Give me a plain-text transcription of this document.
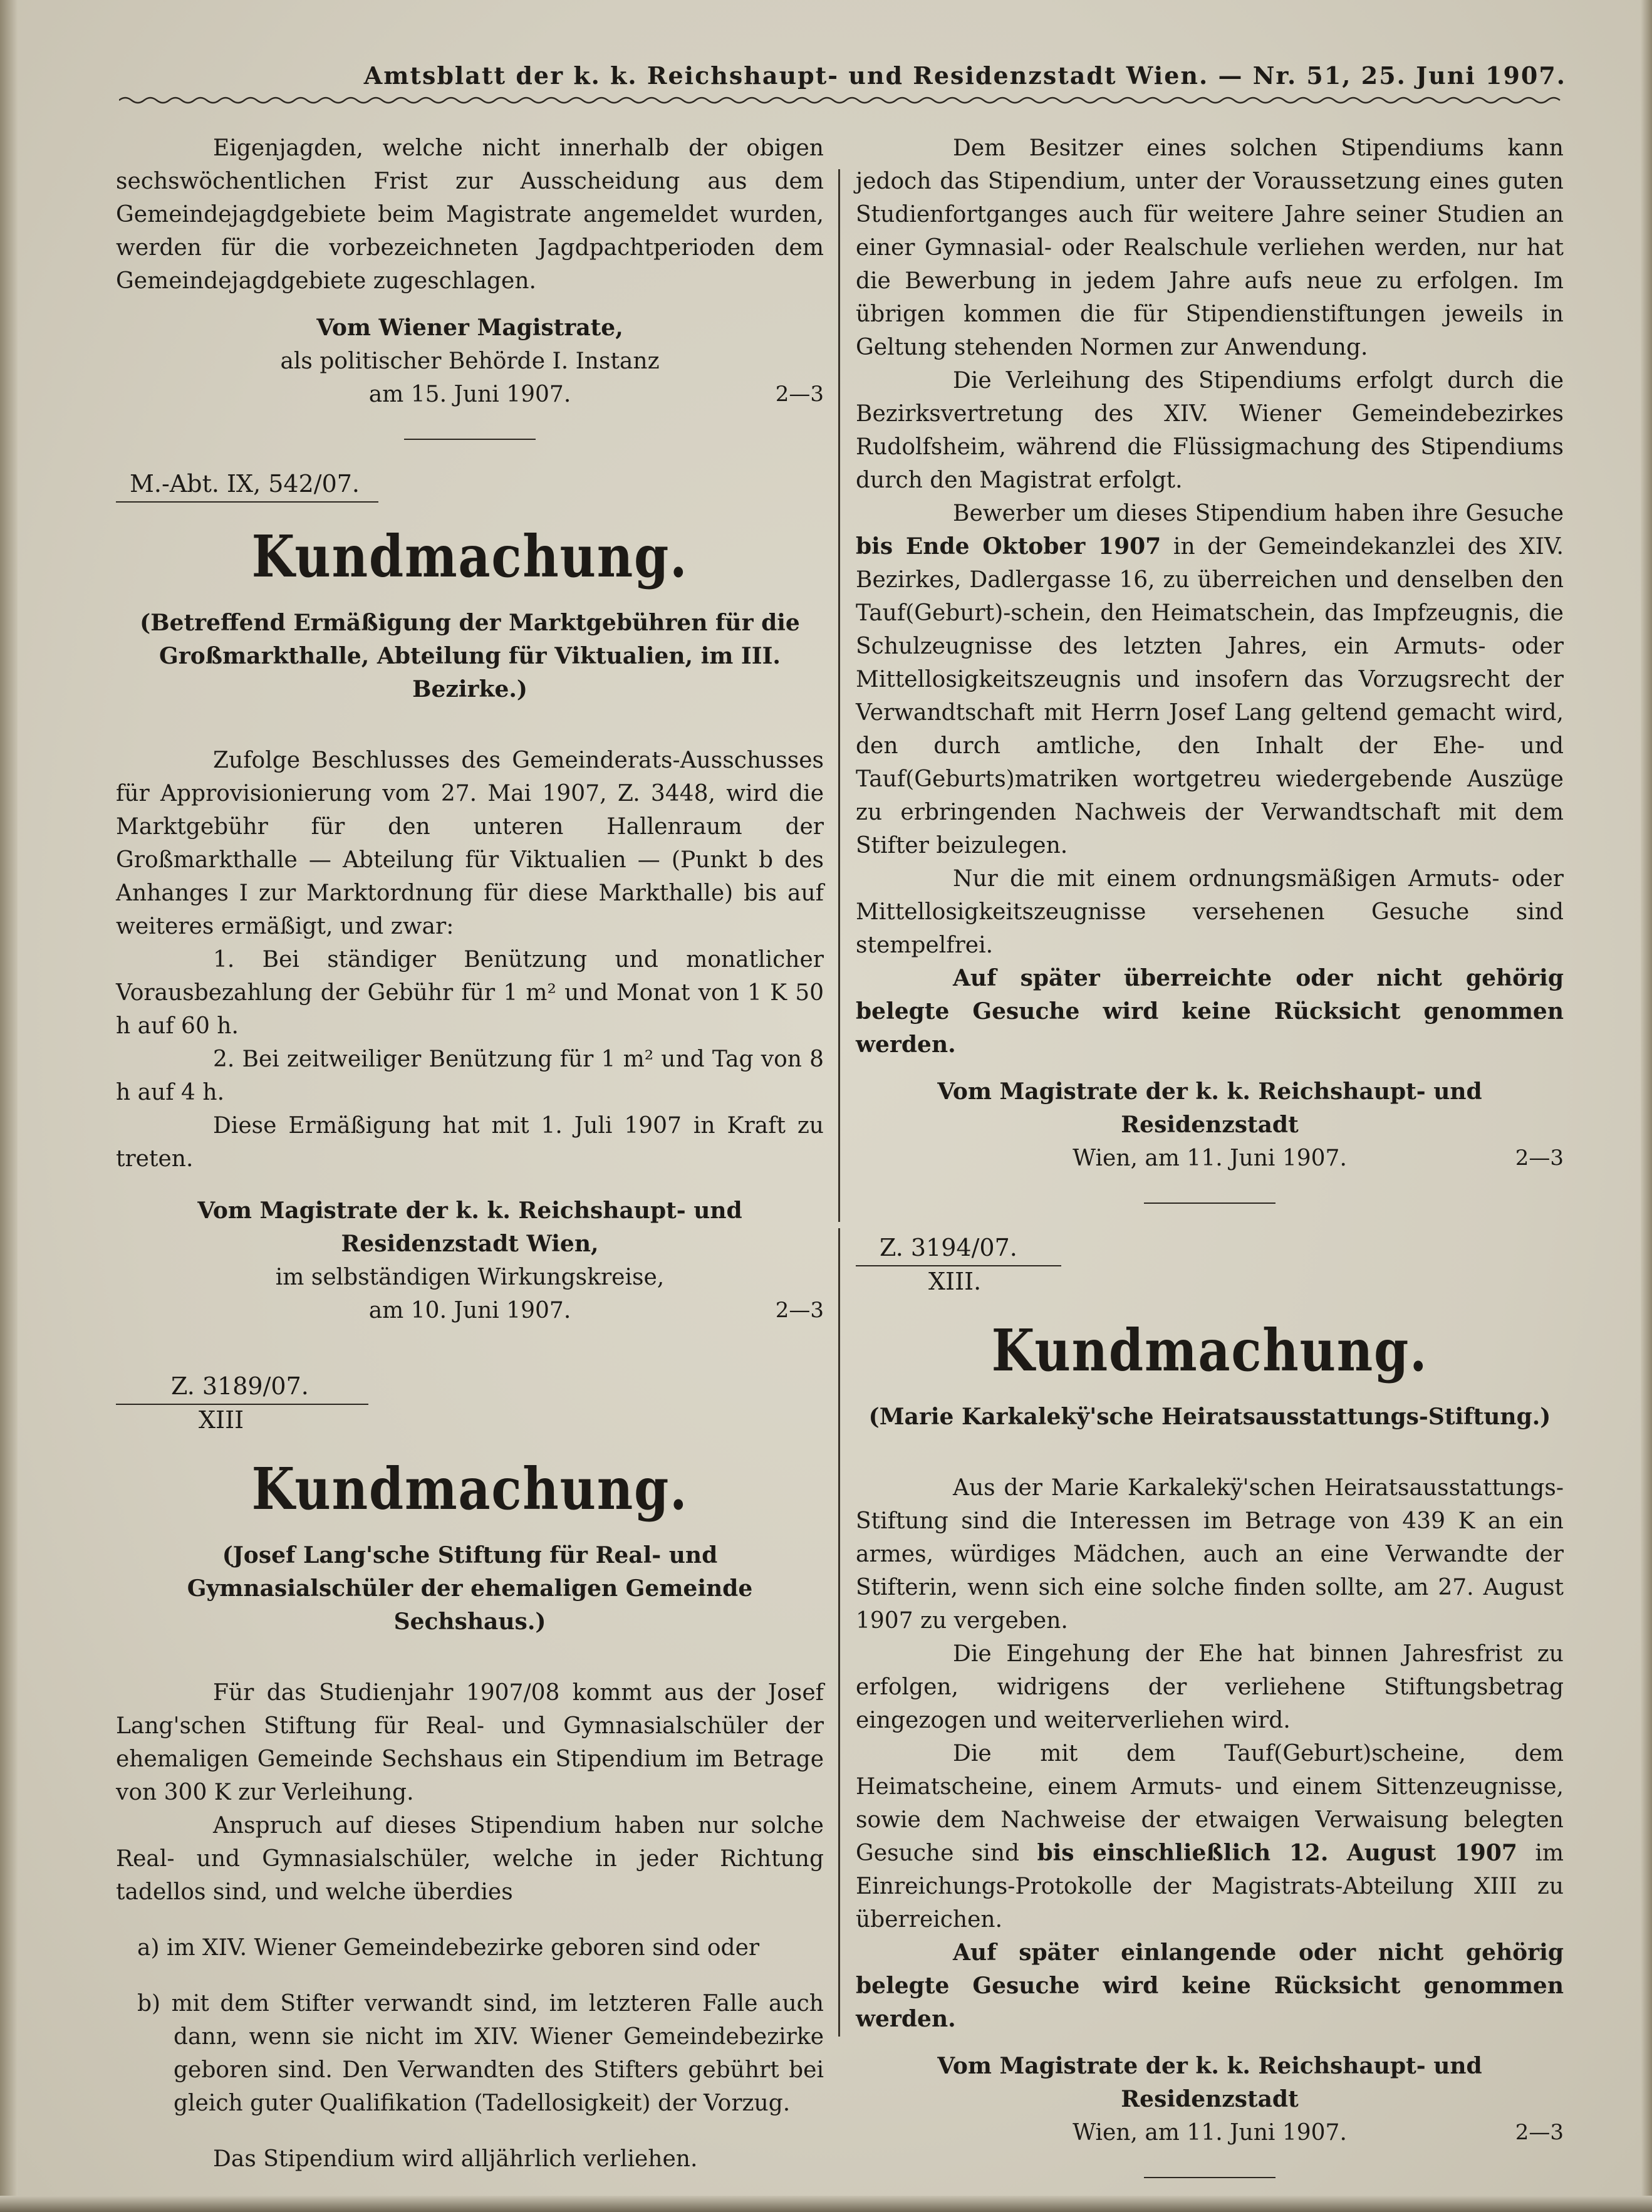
Amtsblatt der k. k. Reichshaupt- und Residenzstadt Wien. — Nr. 51, 25. Juni 1907.

Eigenjagden, welche nicht innerhalb der obigen sechswöchentlichen Frist zur Ausscheidung aus dem Gemeindejagdgebiete beim Magistrate angemeldet wurden, werden für die vorbezeichneten Jagdpachtperioden dem Gemeindejagdgebiete zugeschlagen.

Vom Wiener Magistrate,
als politischer Behörde I. Instanz
am 15. Juni 1907.	2—3
M.-Abt. IX, 542/07.
Kundmachung.
(Betreffend Ermäßigung der Marktgebühren für die Großmarkthalle, Abteilung für Viktualien, im III. Bezirke.)

Zufolge Beschlusses des Gemeinderats-Ausschusses für Approvisionierung vom 27. Mai 1907, Z. 3448, wird die Marktgebühr für den unteren Hallenraum der Großmarkthalle — Abteilung für Viktualien — (Punkt b des Anhanges I zur Marktordnung für diese Markthalle) bis auf weiteres ermäßigt, und zwar:

1. Bei ständiger Benützung und monatlicher Vorausbezahlung der Gebühr für 1 m² und Monat von 1 K 50 h auf 60 h.

2. Bei zeitweiliger Benützung für 1 m² und Tag von 8 h auf 4 h.

Diese Ermäßigung hat mit 1. Juli 1907 in Kraft zu treten.

Vom Magistrate der k. k. Reichshaupt- und Residenzstadt Wien,
im selbständigen Wirkungskreise,
am 10. Juni 1907.	2—3
Z. 3189/07.
XIII
Kundmachung.
(Josef Lang'sche Stiftung für Real- und Gymnasialschüler der ehemaligen Gemeinde Sechshaus.)

Für das Studienjahr 1907/08 kommt aus der Josef Lang'schen Stiftung für Real- und Gymnasialschüler der ehemaligen Gemeinde Sechshaus ein Stipendium im Betrage von 300 K zur Verleihung.

Anspruch auf dieses Stipendium haben nur solche Real- und Gymnasialschüler, welche in jeder Richtung tadellos sind, und welche überdies

a) im XIV. Wiener Gemeindebezirke geboren sind oder

b) mit dem Stifter verwandt sind, im letzteren Falle auch dann, wenn sie nicht im XIV. Wiener Gemeindebezirke geboren sind. Den Verwandten des Stifters gebührt bei gleich guter Qualifikation (Tadellosigkeit) der Vorzug.

Das Stipendium wird alljährlich verliehen.

Dem Besitzer eines solchen Stipendiums kann jedoch das Stipendium, unter der Voraussetzung eines guten Studienfortganges auch für weitere Jahre seiner Studien an einer Gymnasial- oder Realschule verliehen werden, nur hat die Bewerbung in jedem Jahre aufs neue zu erfolgen. Im übrigen kommen die für Stipendienstiftungen jeweils in Geltung stehenden Normen zur Anwendung.

Die Verleihung des Stipendiums erfolgt durch die Bezirksvertretung des XIV. Wiener Gemeindebezirkes Rudolfsheim, während die Flüssigmachung des Stipendiums durch den Magistrat erfolgt.

Bewerber um dieses Stipendium haben ihre Gesuche bis Ende Oktober 1907 in der Gemeindekanzlei des XIV. Bezirkes, Dadlergasse 16, zu überreichen und denselben den Tauf(Geburt)-schein, den Heimatschein, das Impfzeugnis, die Schulzeugnisse des letzten Jahres, ein Armuts- oder Mittellosigkeitszeugnis und insofern das Vorzugsrecht der Verwandtschaft mit Herrn Josef Lang geltend gemacht wird, den durch amtliche, den Inhalt der Ehe- und Tauf(Geburts)matriken wortgetreu wiedergebende Auszüge zu erbringenden Nachweis der Verwandtschaft mit dem Stifter beizulegen.

Nur die mit einem ordnungsmäßigen Armuts- oder Mittellosigkeitszeugnisse versehenen Gesuche sind stempelfrei.

Auf später überreichte oder nicht gehörig belegte Gesuche wird keine Rücksicht genommen werden.

Vom Magistrate der k. k. Reichshaupt- und Residenzstadt
Wien, am 11. Juni 1907.	2—3
Z. 3194/07.
XIII.
Kundmachung.
(Marie Karkalekÿ'sche Heiratsausstattungs-Stiftung.)

Aus der Marie Karkalekÿ'schen Heiratsausstattungs-Stiftung sind die Interessen im Betrage von 439 K an ein armes, würdiges Mädchen, auch an eine Verwandte der Stifterin, wenn sich eine solche finden sollte, am 27. August 1907 zu vergeben.

Die Eingehung der Ehe hat binnen Jahresfrist zu erfolgen, widrigens der verliehene Stiftungsbetrag eingezogen und weiterverliehen wird.

Die mit dem Tauf(Geburt)scheine, dem Heimatscheine, einem Armuts- und einem Sittenzeugnisse, sowie dem Nachweise der etwaigen Verwaisung belegten Gesuche sind bis einschließlich 12. August 1907 im Einreichungs-Protokolle der Magistrats-Abteilung XIII zu überreichen.

Auf später einlangende oder nicht gehörig belegte Gesuche wird keine Rücksicht genommen werden.

Vom Magistrate der k. k. Reichshaupt- und Residenzstadt
Wien, am 11. Juni 1907.	2—3
